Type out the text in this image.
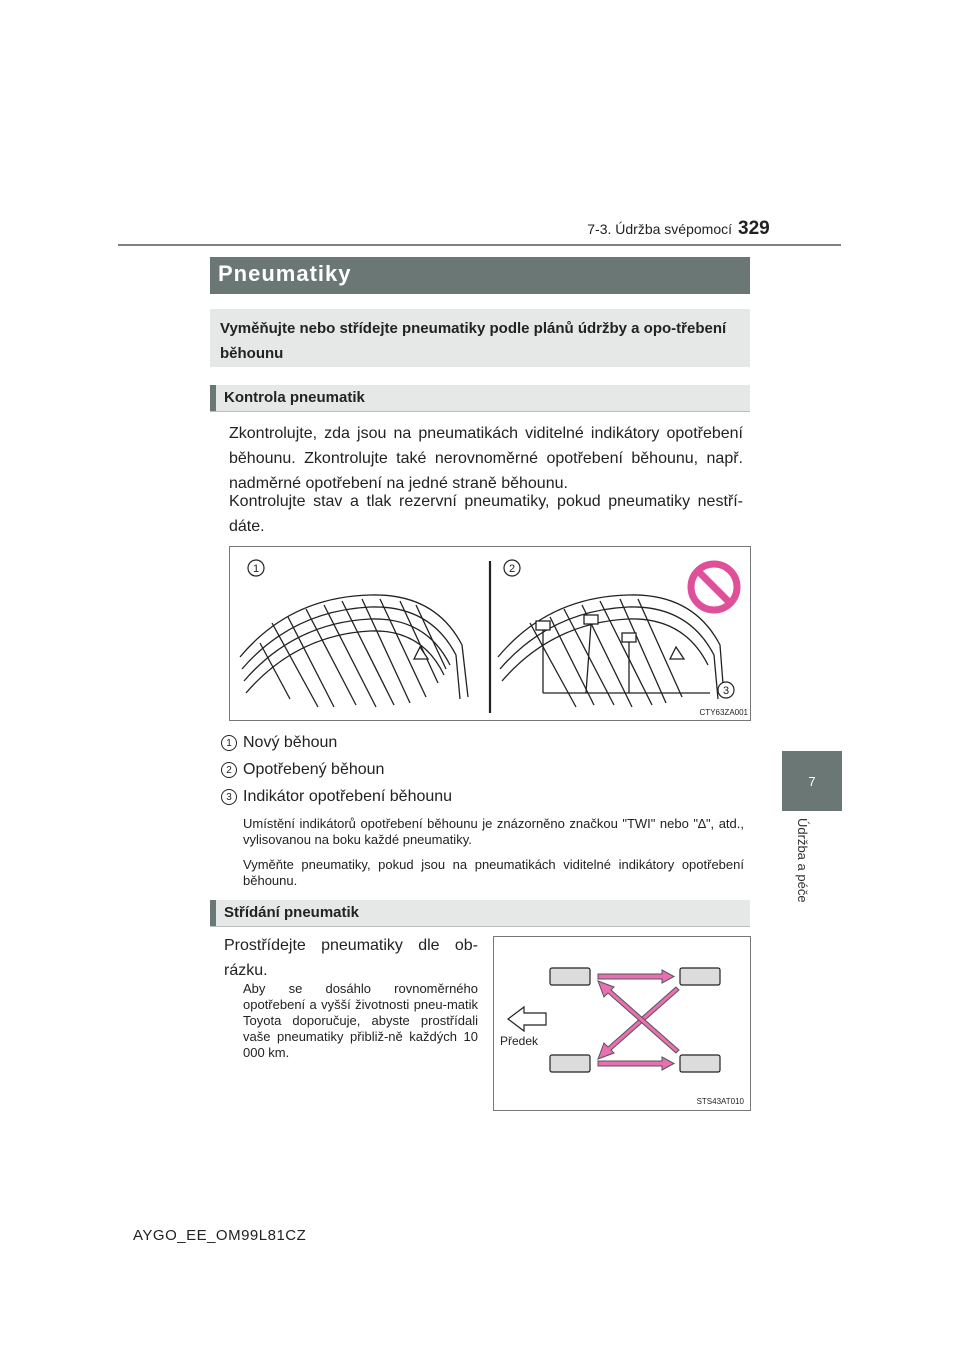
7-3. Údržba svépomocí 329
7
Údržba a péče
Pneumatiky
Vyměňujte nebo střídejte pneumatiky podle plánů údržby a opo-třebení běhounu
Kontrola pneumatik
Zkontrolujte, zda jsou na pneumatikách viditelné indikátory opotřebení běhounu. Zkontrolujte také nerovnoměrné opotřebení běhounu, např. nadměrné opotřebení na jedné straně běhounu.
Kontrolujte stav a tlak rezervní pneumatiky, pokud pneumatiky nestří-dáte.
1	2
3
CTY63ZA001
1 Nový běhoun
2 Opotřebený běhoun
3 Indikátor opotřebení běhounu
Umístění indikátorů opotřebení běhounu je znázorněno značkou "TWI" nebo "∆", atd., vylisovanou na boku každé pneumatiky.
Vyměňte pneumatiky, pokud jsou na pneumatikách viditelné indikátory opotřebení běhounu.
Střídání pneumatik
Prostřídejte pneumatiky dle ob-rázku.
Aby se dosáhlo rovnoměrného opotřebení a vyšší životnosti pneu-matik Toyota doporučuje, abyste prostřídali vaše pneumatiky přibliž-ně každých 10 000 km.
Předek
STS43AT010
AYGO_EE_OM99L81CZ
